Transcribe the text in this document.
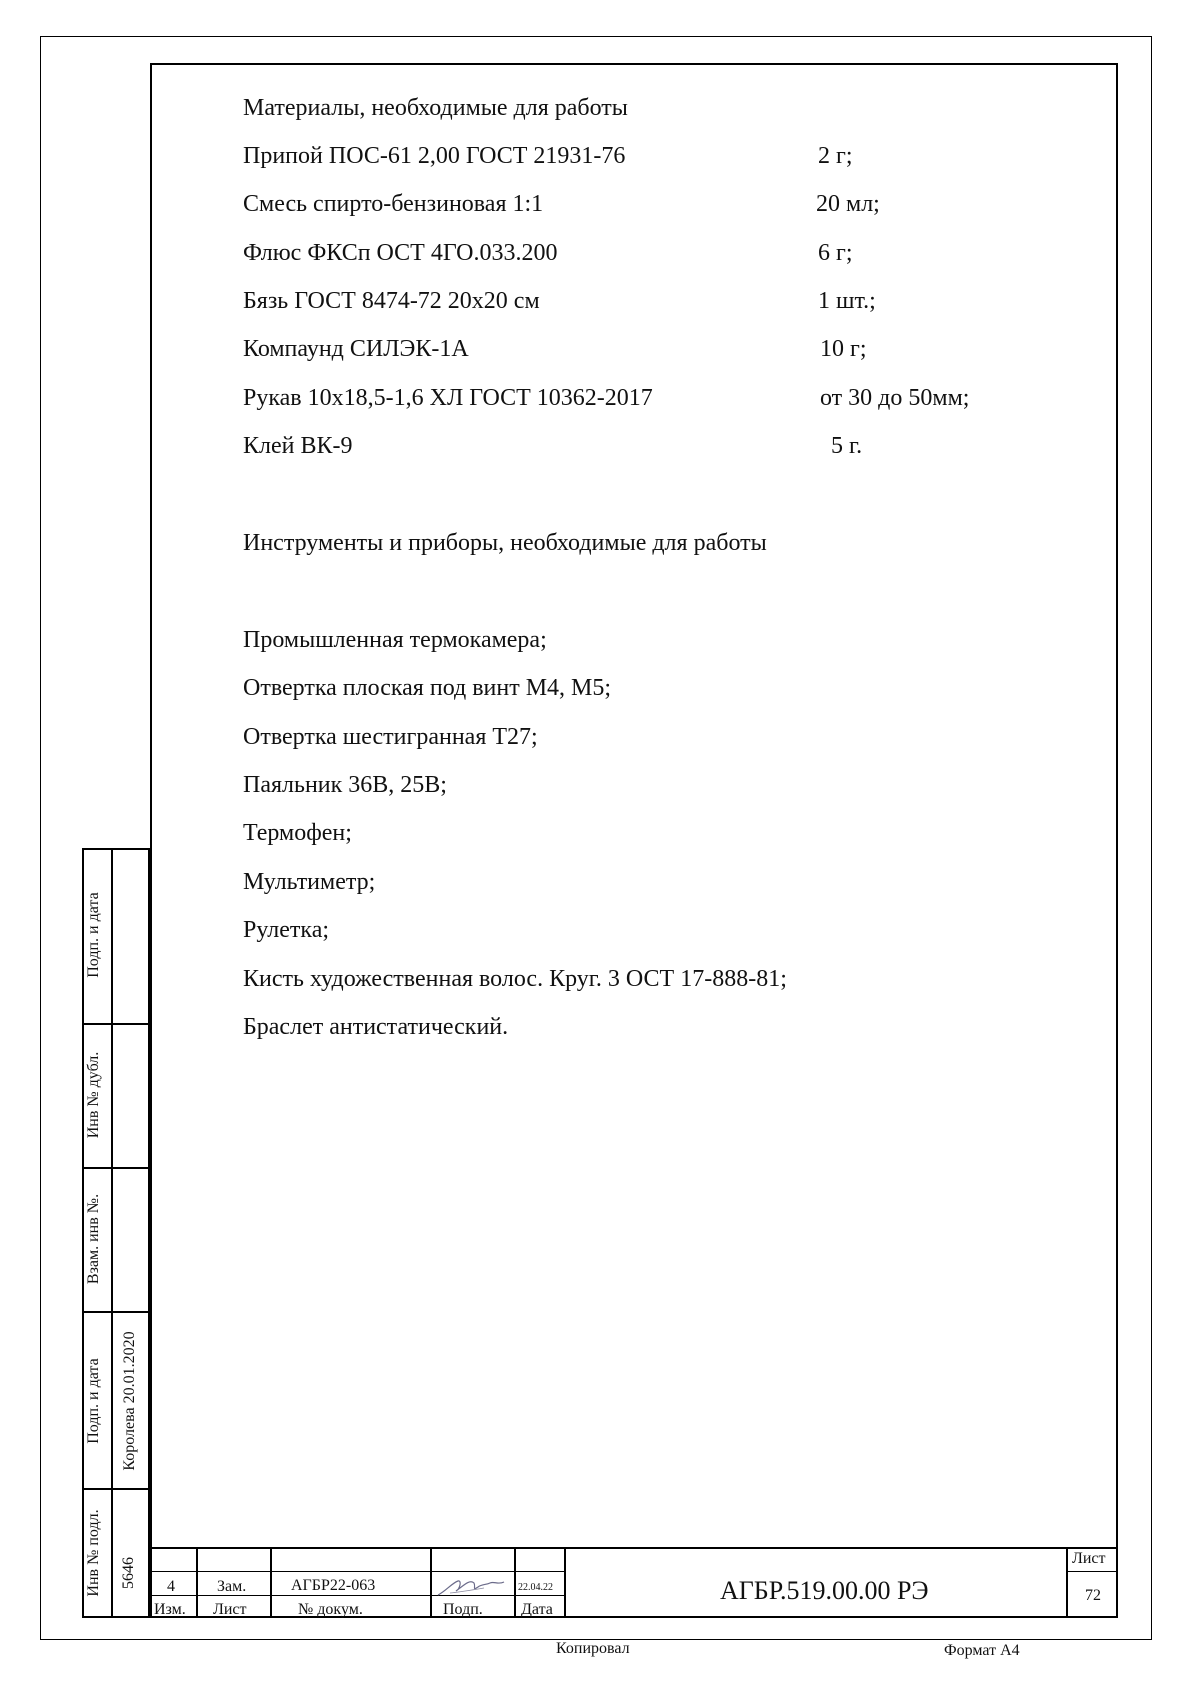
Материалы, необходимые для работы
Припой ПОС-61 2,00 ГОСТ 21931-76	2 г;
Смесь спирто-бензиновая 1:1	20 мл;
Флюс ФКСп ОСТ 4ГО.033.200	6 г;
Бязь ГОСТ 8474-72 20х20 см	1 шт.;
Компаунд СИЛЭК-1А	10 г;
Рукав 10х18,5-1,6 ХЛ ГОСТ 10362-2017	от 30 до 50мм;
Клей ВК-9	5 г.
Инструменты и приборы, необходимые для работы
Промышленная термокамера;
Отвертка плоская под винт М4, М5;
Отвертка шестигранная Т27;
Паяльник 36В, 25В;
Термофен;
Мультиметр;
Рулетка;
Кисть художественная волос. Круг. 3 ОСТ 17-888-81;
Браслет антистатический.
Подп. и дата
Инв № дубл.
Взам. инв №.
Подп. и дата	Королева 20.01.2020
Инв № подл.	5646	4	Зам.	АГБР22-063	22.04.22
Изм. Лист	№ докум.	Подп. Дата
АГБР.519.00.00 РЭ
Лист
72
Копировал	Формат А4
